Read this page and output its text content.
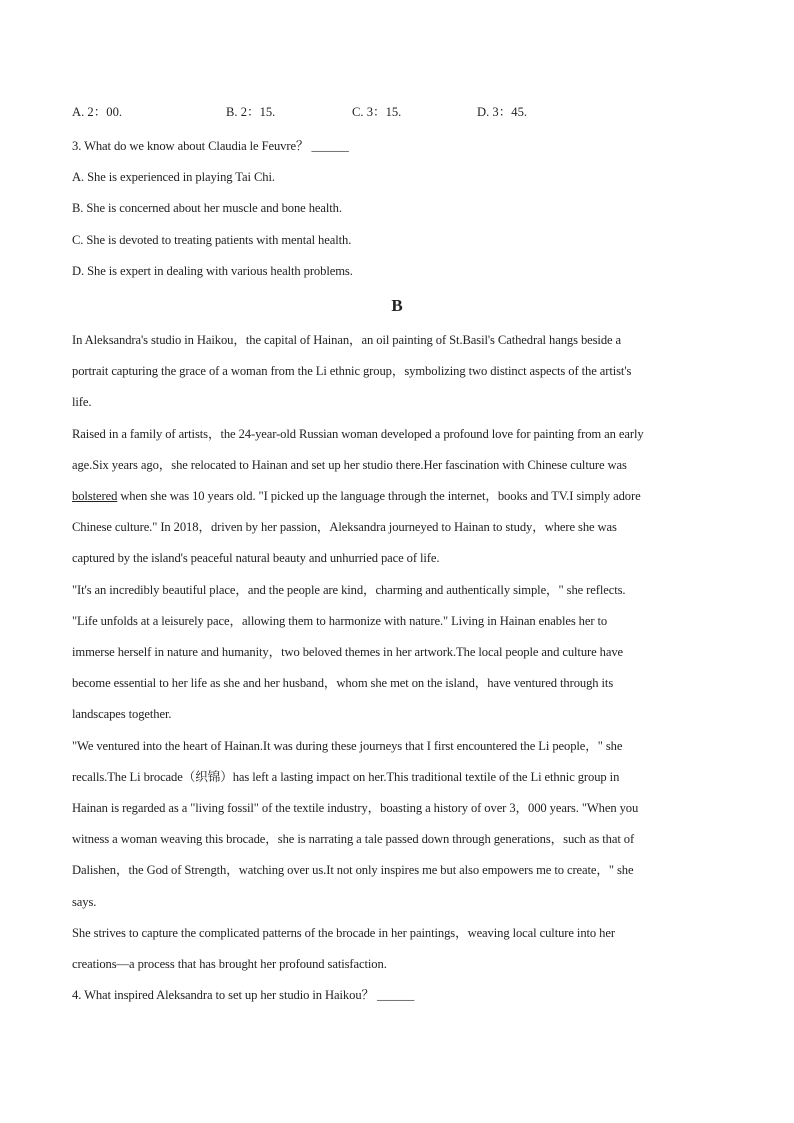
A. 2：00.	B. 2：15.	C. 3：15.	D. 3：45.
3. What do we know about Claudia le Feuvre？ ______
A. She is experienced in playing Tai Chi.
B. She is concerned about her muscle and bone health.
C. She is devoted to treating patients with mental health.
D. She is expert in dealing with various health problems.
B
In Aleksandra's studio in Haikou，the capital of Hainan，an oil painting of St.Basil's Cathedral hangs beside a
portrait capturing the grace of a woman from the Li ethnic group，symbolizing two distinct aspects of the artist's
life.
Raised in a family of artists，the 24-year-old Russian woman developed a profound love for painting from an early
age.Six years ago，she relocated to Hainan and set up her studio there.Her fascination with Chinese culture was
bolstered when she was 10 years old. "I picked up the language through the internet，books and TV.I simply adore
Chinese culture." In 2018，driven by her passion，Aleksandra journeyed to Hainan to study，where she was
captured by the island's peaceful natural beauty and unhurried pace of life.
"It's an incredibly beautiful place，and the people are kind，charming and authentically simple，" she reflects.
"Life unfolds at a leisurely pace，allowing them to harmonize with nature." Living in Hainan enables her to
immerse herself in nature and humanity，two beloved themes in her artwork.The local people and culture have
become essential to her life as she and her husband，whom she met on the island，have ventured through its
landscapes together.
"We ventured into the heart of Hainan.It was during these journeys that I first encountered the Li people，" she
recalls.The Li brocade（织锦）has left a lasting impact on her.This traditional textile of the Li ethnic group in
Hainan is regarded as a "living fossil" of the textile industry，boasting a history of over 3，000 years. "When you
witness a woman weaving this brocade，she is narrating a tale passed down through generations，such as that of
Dalishen，the God of Strength，watching over us.It not only inspires me but also empowers me to create，" she
says.
She strives to capture the complicated patterns of the brocade in her paintings，weaving local culture into her
creations—a process that has brought her profound satisfaction.
4. What inspired Aleksandra to set up her studio in Haikou？ ______
